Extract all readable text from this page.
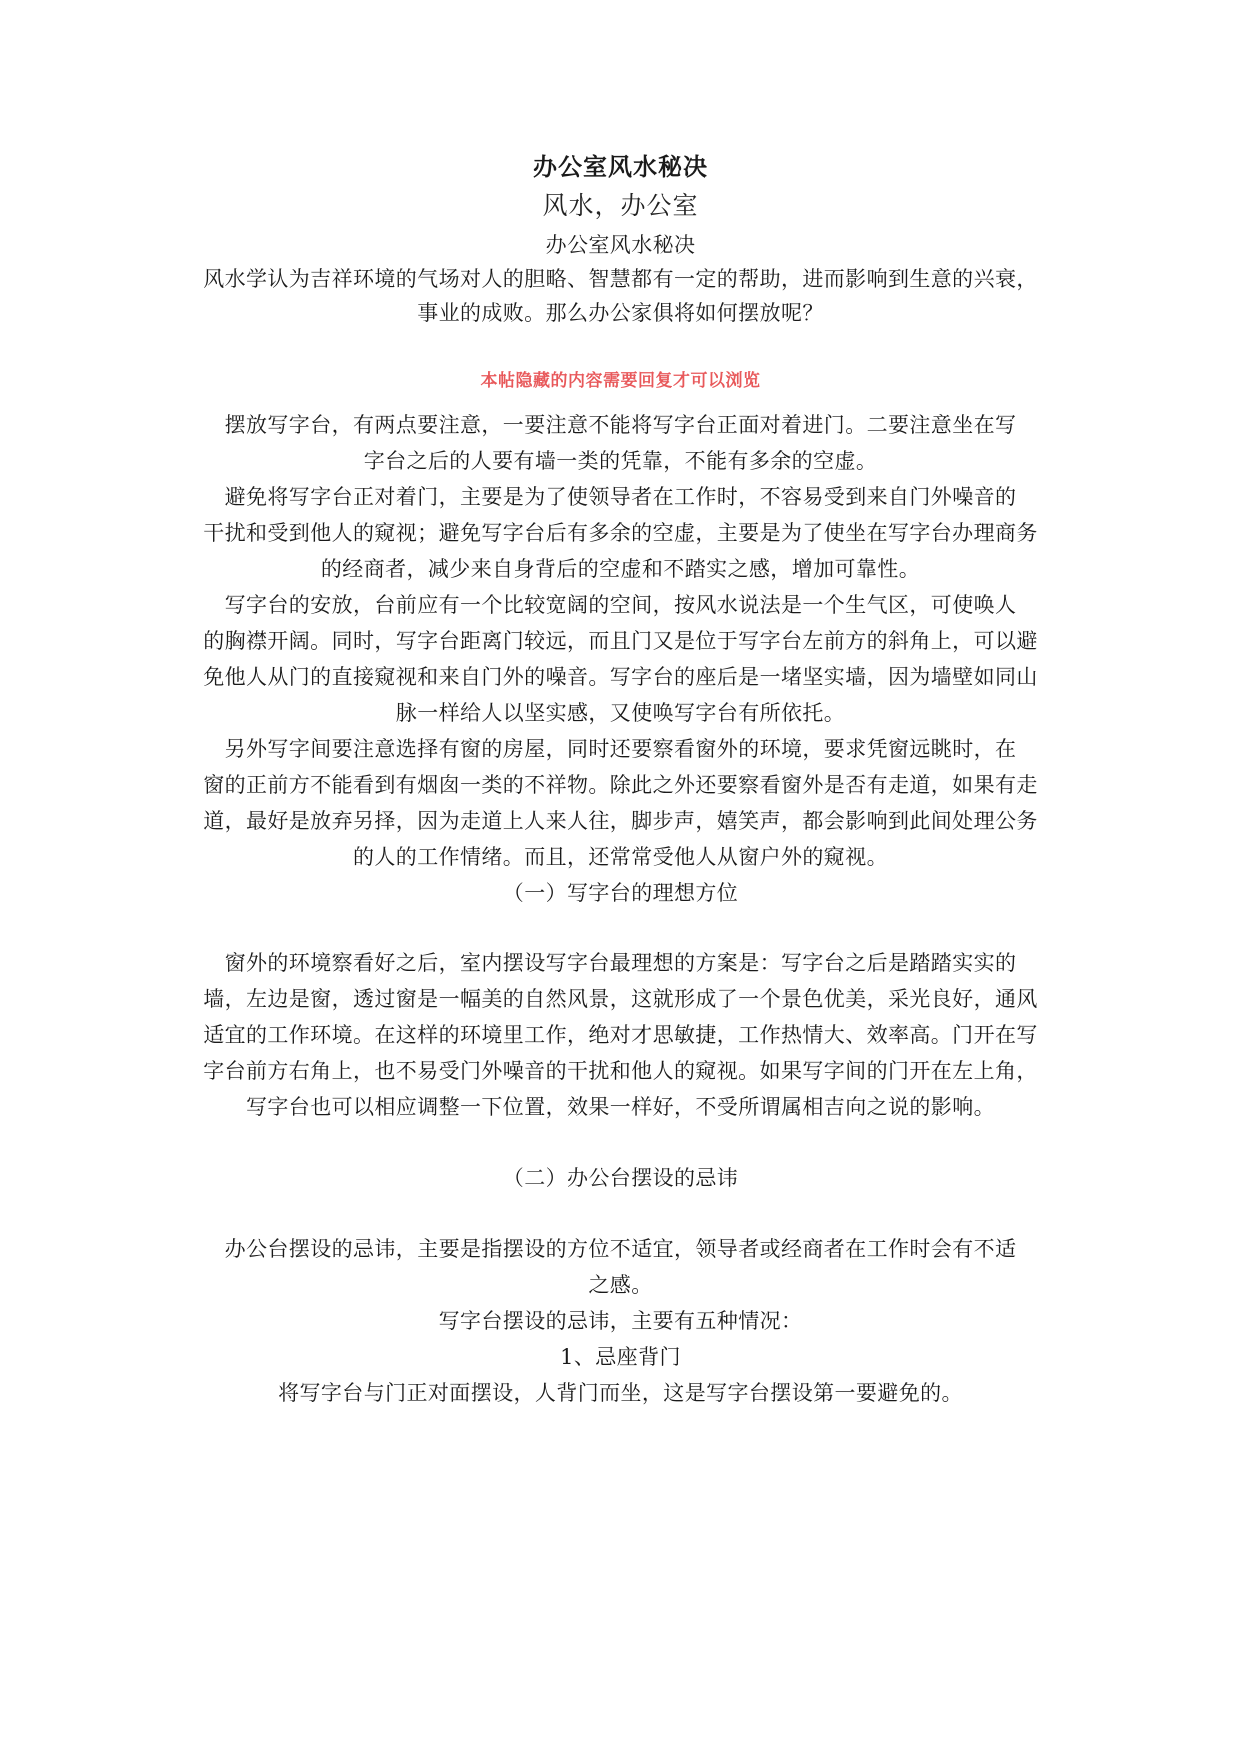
办公室风水秘决
风水，办公室
办公室风水秘决
风水学认为吉祥环境的气场对人的胆略、智慧都有一定的帮助，进而影响到生意的兴衰，
事业的成败。那么办公家俱将如何摆放呢？
本帖隐藏的内容需要回复才可以浏览
摆放写字台，有两点要注意，一要注意不能将写字台正面对着进门。二要注意坐在写
字台之后的人要有墙一类的凭靠，不能有多余的空虚。
避免将写字台正对着门，主要是为了使领导者在工作时，不容易受到来自门外噪音的
干扰和受到他人的窥视；避免写字台后有多余的空虚，主要是为了使坐在写字台办理商务
的经商者，减少来自身背后的空虚和不踏实之感，增加可靠性。
写字台的安放，台前应有一个比较宽阔的空间，按风水说法是一个生气区，可使唤人
的胸襟开阔。同时，写字台距离门较远，而且门又是位于写字台左前方的斜角上，可以避
免他人从门的直接窥视和来自门外的噪音。写字台的座后是一堵坚实墙，因为墙壁如同山
脉一样给人以坚实感，又使唤写字台有所依托。
另外写字间要注意选择有窗的房屋，同时还要察看窗外的环境，要求凭窗远眺时，在
窗的正前方不能看到有烟囱一类的不祥物。除此之外还要察看窗外是否有走道，如果有走
道，最好是放弃另择，因为走道上人来人往，脚步声，嬉笑声，都会影响到此间处理公务
的人的工作情绪。而且，还常常受他人从窗户外的窥视。
（一）写字台的理想方位
窗外的环境察看好之后，室内摆设写字台最理想的方案是：写字台之后是踏踏实实的
墙，左边是窗，透过窗是一幅美的自然风景，这就形成了一个景色优美，采光良好，通风
适宜的工作环境。在这样的环境里工作，绝对才思敏捷，工作热情大、效率高。门开在写
字台前方右角上，也不易受门外噪音的干扰和他人的窥视。如果写字间的门开在左上角，
写字台也可以相应调整一下位置，效果一样好，不受所谓属相吉向之说的影响。
（二）办公台摆设的忌讳
办公台摆设的忌讳，主要是指摆设的方位不适宜，领导者或经商者在工作时会有不适
之感。
写字台摆设的忌讳，主要有五种情况：
1、忌座背门
将写字台与门正对面摆设，人背门而坐，这是写字台摆设第一要避免的。
